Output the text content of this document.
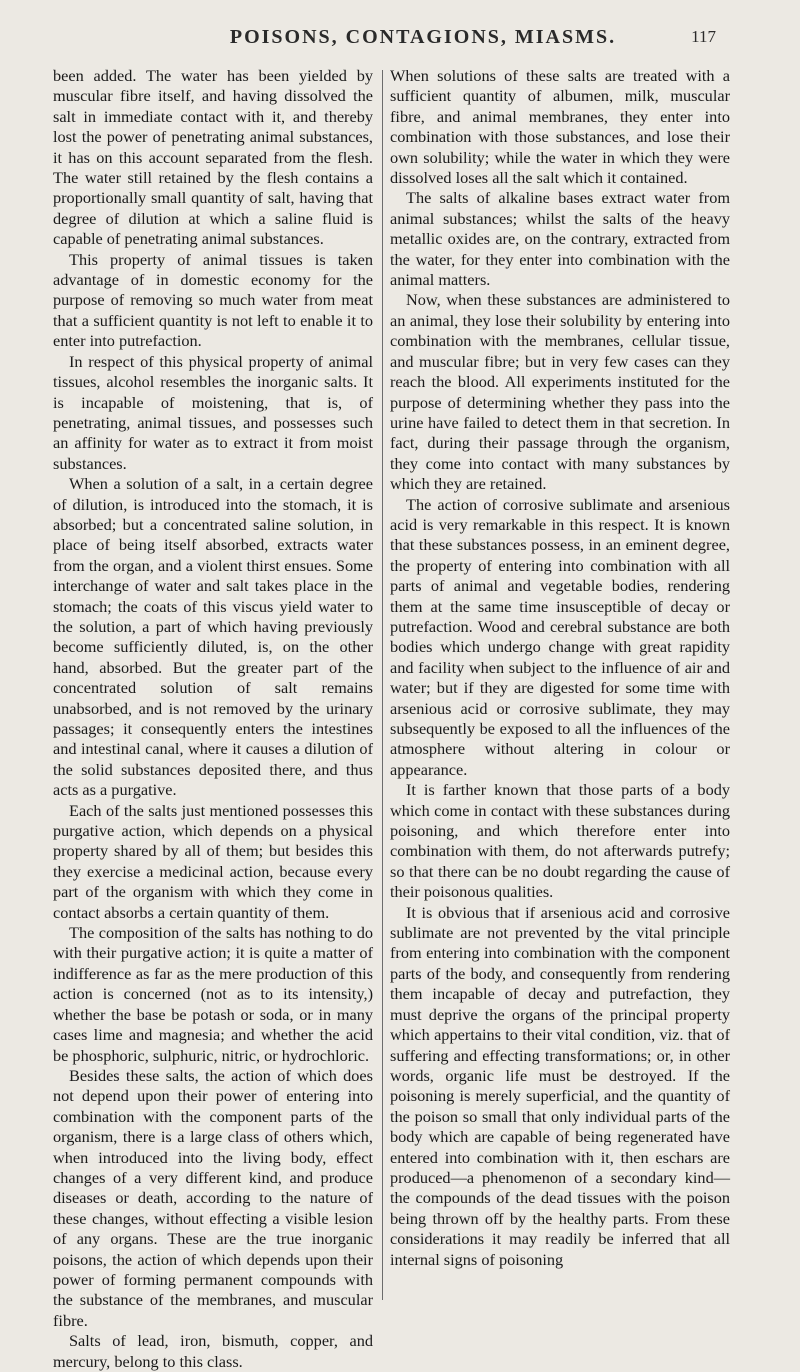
POISONS, CONTAGIONS, MIASMS.	117

been added. The water has been yielded by muscular fibre itself, and having dissolved the salt in immediate contact with it, and thereby lost the power of penetrating animal substances, it has on this account separated from the flesh. The water still retained by the flesh contains a proportionally small quantity of salt, having that degree of dilution at which a saline fluid is capable of penetrating animal substances.

This property of animal tissues is taken advantage of in domestic economy for the purpose of removing so much water from meat that a sufficient quantity is not left to enable it to enter into putrefaction.

In respect of this physical property of animal tissues, alcohol resembles the inorganic salts. It is incapable of moistening, that is, of penetrating, animal tissues, and possesses such an affinity for water as to extract it from moist substances.

When a solution of a salt, in a certain degree of dilution, is introduced into the stomach, it is absorbed; but a concentrated saline solution, in place of being itself absorbed, extracts water from the organ, and a violent thirst ensues. Some interchange of water and salt takes place in the stomach; the coats of this viscus yield water to the solution, a part of which having previously become sufficiently diluted, is, on the other hand, absorbed. But the greater part of the concentrated solution of salt remains unabsorbed, and is not removed by the urinary passages; it consequently enters the intestines and intestinal canal, where it causes a dilution of the solid substances deposited there, and thus acts as a purgative.

Each of the salts just mentioned possesses this purgative action, which depends on a physical property shared by all of them; but besides this they exercise a medicinal action, because every part of the organism with which they come in contact absorbs a certain quantity of them.

The composition of the salts has nothing to do with their purgative action; it is quite a matter of indifference as far as the mere production of this action is concerned (not as to its intensity,) whether the base be potash or soda, or in many cases lime and magnesia; and whether the acid be phosphoric, sulphuric, nitric, or hydrochloric.

Besides these salts, the action of which does not depend upon their power of entering into combination with the component parts of the organism, there is a large class of others which, when introduced into the living body, effect changes of a very different kind, and produce diseases or death, according to the nature of these changes, without effecting a visible lesion of any organs. These are the true inorganic poisons, the action of which depends upon their power of forming permanent compounds with the substance of the membranes, and muscular fibre.

Salts of lead, iron, bismuth, copper, and mercury, belong to this class.

When solutions of these salts are treated with a sufficient quantity of albumen, milk, muscular fibre, and animal membranes, they enter into combination with those substances, and lose their own solubility; while the water in which they were dissolved loses all the salt which it contained.

The salts of alkaline bases extract water from animal substances; whilst the salts of the heavy metallic oxides are, on the contrary, extracted from the water, for they enter into combination with the animal matters.

Now, when these substances are administered to an animal, they lose their solubility by entering into combination with the membranes, cellular tissue, and muscular fibre; but in very few cases can they reach the blood. All experiments instituted for the purpose of determining whether they pass into the urine have failed to detect them in that secretion. In fact, during their passage through the organism, they come into contact with many substances by which they are retained.

The action of corrosive sublimate and arsenious acid is very remarkable in this respect. It is known that these substances possess, in an eminent degree, the property of entering into combination with all parts of animal and vegetable bodies, rendering them at the same time insusceptible of decay or putrefaction. Wood and cerebral substance are both bodies which undergo change with great rapidity and facility when subject to the influence of air and water; but if they are digested for some time with arsenious acid or corrosive sublimate, they may subsequently be exposed to all the influences of the atmosphere without altering in colour or appearance.

It is farther known that those parts of a body which come in contact with these substances during poisoning, and which therefore enter into combination with them, do not afterwards putrefy; so that there can be no doubt regarding the cause of their poisonous qualities.

It is obvious that if arsenious acid and corrosive sublimate are not prevented by the vital principle from entering into combination with the component parts of the body, and consequently from rendering them incapable of decay and putrefaction, they must deprive the organs of the principal property which appertains to their vital condition, viz. that of suffering and effecting transformations; or, in other words, organic life must be destroyed. If the poisoning is merely superficial, and the quantity of the poison so small that only individual parts of the body which are capable of being regenerated have entered into combination with it, then eschars are produced—a phenomenon of a secondary kind—the compounds of the dead tissues with the poison being thrown off by the healthy parts. From these considerations it may readily be inferred that all internal signs of poisoning
